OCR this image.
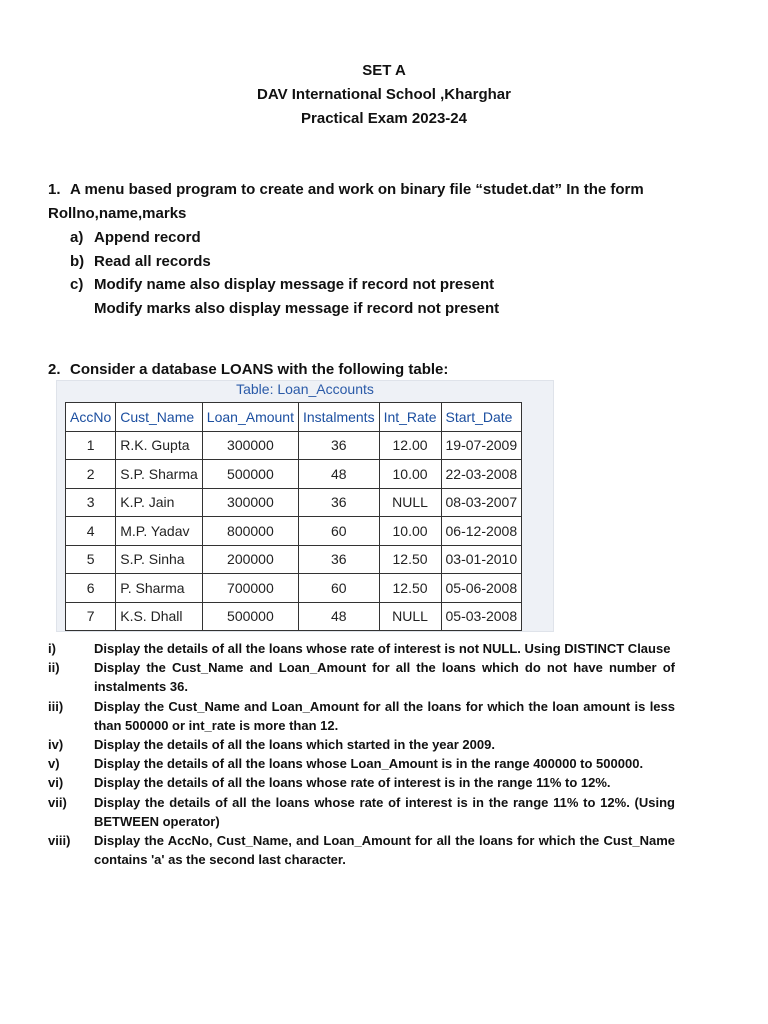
SET A
DAV International School ,Kharghar
Practical Exam 2023-24
1. A menu based program to create and work on binary file “studet.dat” In the form
Rollno,name,marks
a) Append record
b) Read all records
c) Modify name also display message if record not present
Modify marks also display message if record not present
2. Consider a database LOANS with the following table:
Table: Loan_Accounts
AccNo	Cust_Name	Loan_Amount	Instalments	Int_Rate	Start_Date
1	R.K. Gupta	300000	36	12.00	19-07-2009
2	S.P. Sharma	500000	48	10.00	22-03-2008
3	K.P. Jain	300000	36	NULL	08-03-2007
4	M.P. Yadav	800000	60	10.00	06-12-2008
5	S.P. Sinha	200000	36	12.50	03-01-2010
6	P. Sharma	700000	60	12.50	05-06-2008
7	K.S. Dhall	500000	48	NULL	05-03-2008
i)	Display the details of all the loans whose rate of interest is not NULL. Using DISTINCT Clause
ii)	Display the Cust_Name and Loan_Amount for all the loans which do not have number of instalments 36.
iii)	Display the Cust_Name and Loan_Amount for all the loans for which the loan amount is less than 500000 or int_rate is more than 12.
iv)	Display the details of all the loans which started in the year 2009.
v)	Display the details of all the loans whose Loan_Amount is in the range 400000 to 500000.
vi)	Display the details of all the loans whose rate of interest is in the range 11% to 12%.
vii)	Display the details of all the loans whose rate of interest is in the range 11% to 12%. (Using BETWEEN operator)
viii)	Display the AccNo, Cust_Name, and Loan_Amount for all the loans for which the Cust_Name contains 'a' as the second last character.
